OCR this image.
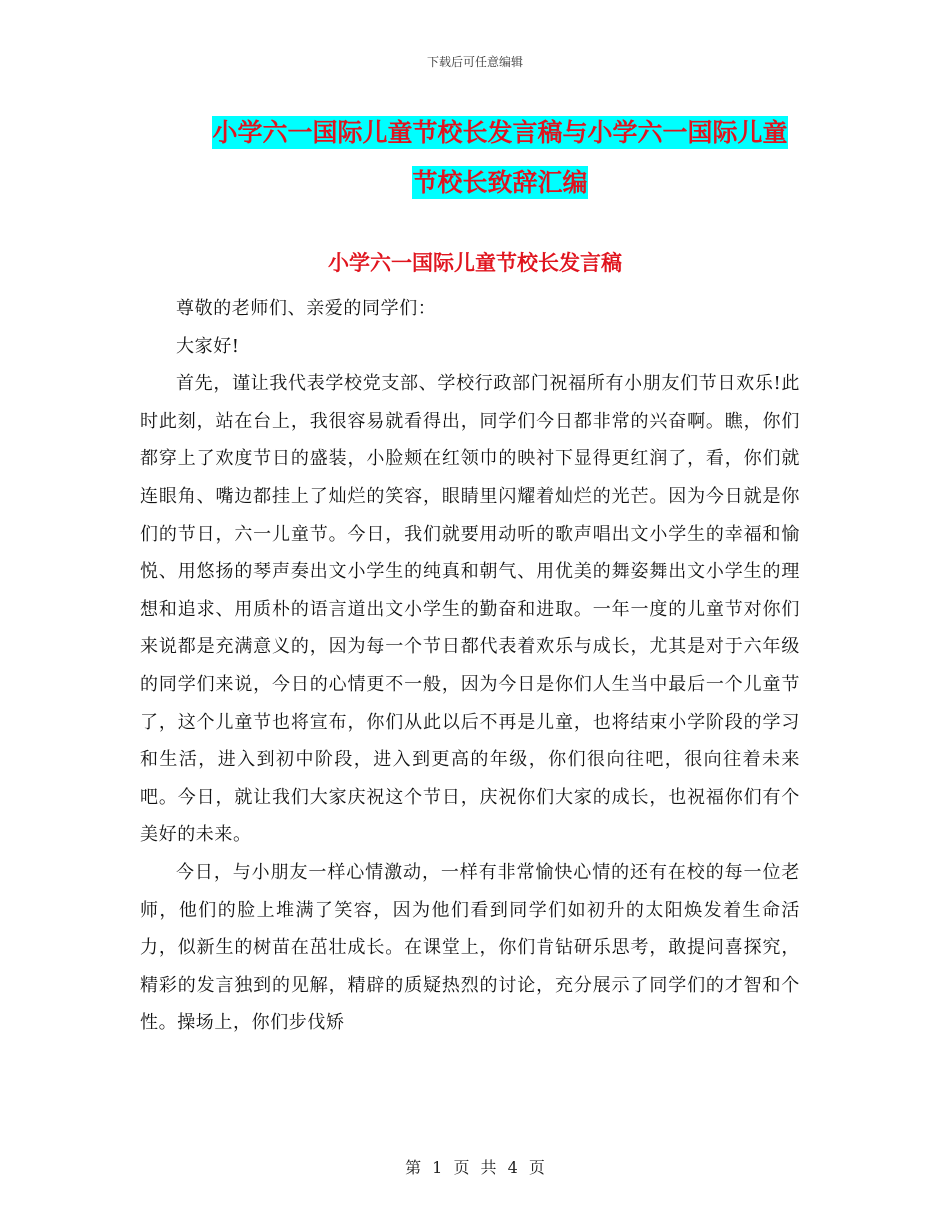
下载后可任意编辑
小学六一国际儿童节校长发言稿与小学六一国际儿童
节校长致辞汇编
小学六一国际儿童节校长发言稿

尊敬的老师们、亲爱的同学们：

大家好!

首先，谨让我代表学校党支部、学校行政部门祝福所有小朋友们节日欢乐!此时此刻，站在台上，我很容易就看得出，同学们今日都非常的兴奋啊。瞧，你们都穿上了欢度节日的盛装，小脸颊在红领巾的映衬下显得更红润了，看，你们就连眼角、嘴边都挂上了灿烂的笑容，眼睛里闪耀着灿烂的光芒。因为今日就是你们的节日，六一儿童节。今日，我们就要用动听的歌声唱出文小学生的幸福和愉悦、用悠扬的琴声奏出文小学生的纯真和朝气、用优美的舞姿舞出文小学生的理想和追求、用质朴的语言道出文小学生的勤奋和进取。一年一度的儿童节对你们来说都是充满意义的，因为每一个节日都代表着欢乐与成长，尤其是对于六年级的同学们来说，今日的心情更不一般，因为今日是你们人生当中最后一个儿童节了，这个儿童节也将宣布，你们从此以后不再是儿童，也将结束小学阶段的学习和生活，进入到初中阶段，进入到更高的年级，你们很向往吧，很向往着未来吧。今日，就让我们大家庆祝这个节日，庆祝你们大家的成长，也祝福你们有个美好的未来。

今日，与小朋友一样心情激动，一样有非常愉快心情的还有在校的每一位老师，他们的脸上堆满了笑容，因为他们看到同学们如初升的太阳焕发着生命活力，似新生的树苗在茁壮成长。在课堂上，你们肯钻研乐思考，敢提问喜探究，精彩的发言独到的见解，精辟的质疑热烈的讨论，充分展示了同学们的才智和个性。操场上，你们步伐矫

第 1 页 共 4 页
